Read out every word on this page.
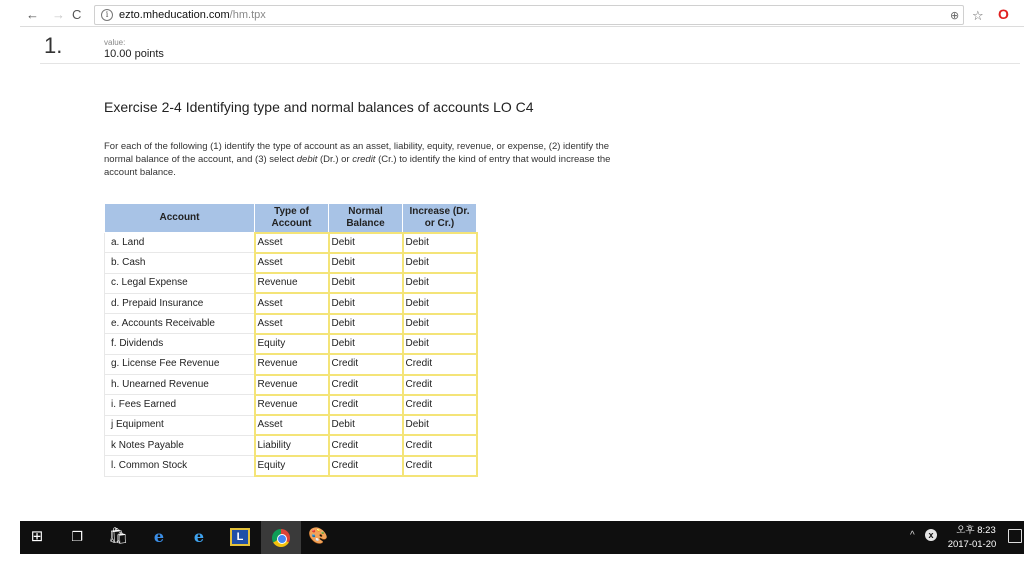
← → C	i ezto.mheducation.com/hm.tpx	⊕ ☆ O
1.	value:
10.00 points
Exercise 2-4 Identifying type and normal balances of accounts LO C4
For each of the following (1) identify the type of account as an asset, liability, equity, revenue, or expense, (2) identify the normal balance of the account, and (3) select debit (Dr.) or credit (Cr.) to identify the kind of entry that would increase the account balance.
Account	Type of Account	Normal Balance	Increase (Dr. or Cr.)
a. Land	Asset	Debit	Debit
b. Cash	Asset	Debit	Debit
c. Legal Expense	Revenue	Debit	Debit
d. Prepaid Insurance	Asset	Debit	Debit
e. Accounts Receivable	Asset	Debit	Debit
f. Dividends	Equity	Debit	Debit
g. License Fee Revenue	Revenue	Credit	Credit
h. Unearned Revenue	Revenue	Credit	Credit
i. Fees Earned	Revenue	Credit	Credit
j Equipment	Asset	Debit	Debit
k Notes Payable	Liability	Credit	Credit
l. Common Stock	Equity	Credit	Credit
⊞ ❐ 🛍 e e	L	🎨	^	x	오후 8:23
2017-01-20
